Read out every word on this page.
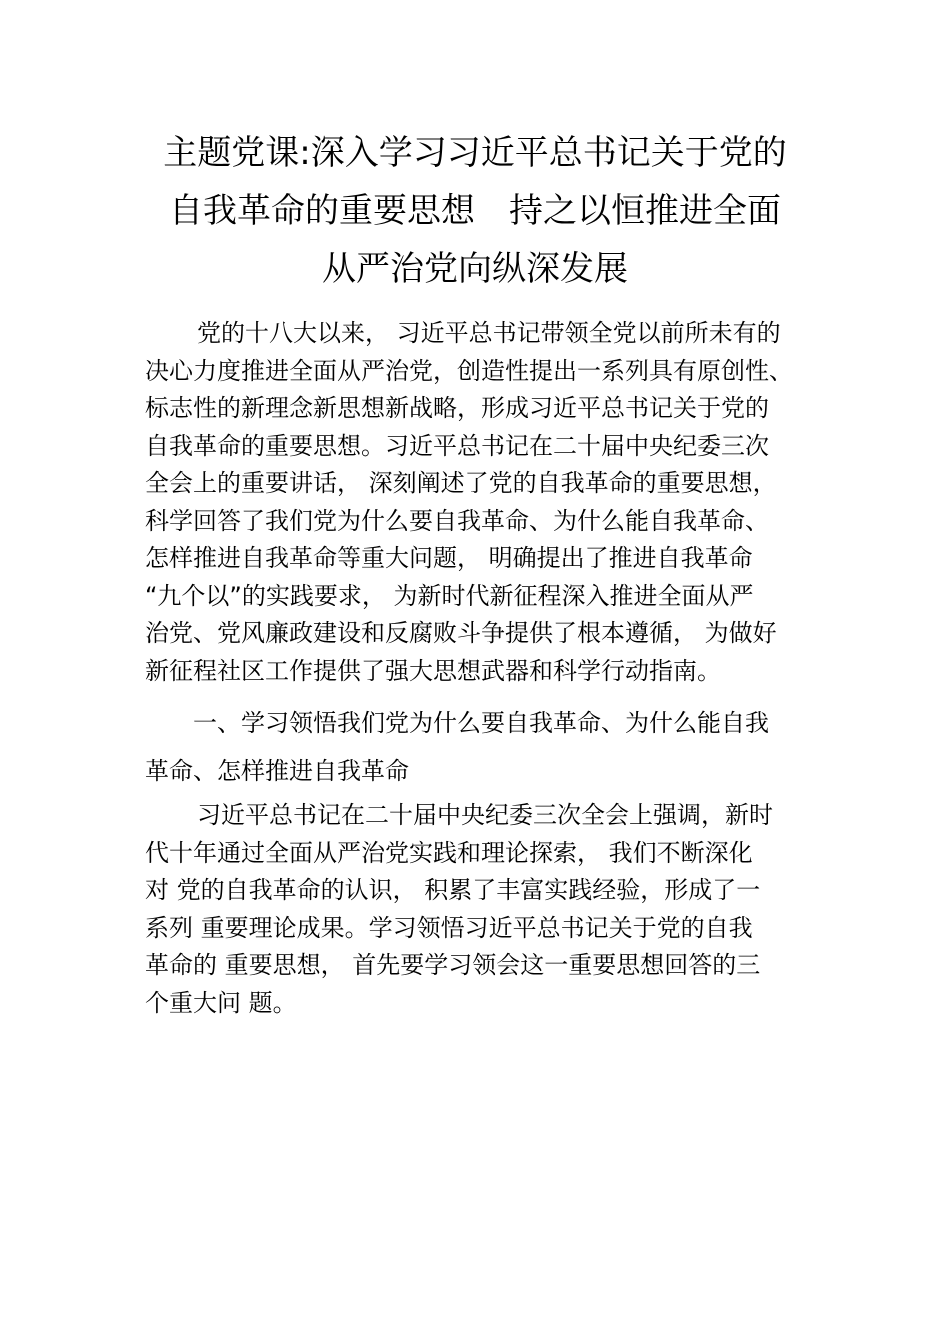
主题党课:深入学习习近平总书记关于党的
自我革命的重要思想　持之以恒推进全面
从严治党向纵深发展
党的十八大以来， 习近平总书记带领全党以前所未有的
决心力度推进全面从严治党，创造性提出一系列具有原创性、
标志性的新理念新思想新战略，形成习近平总书记关于党的
自我革命的重要思想。习近平总书记在二十届中央纪委三次
全会上的重要讲话， 深刻阐述了党的自我革命的重要思想，
科学回答了我们党为什么要自我革命、为什么能自我革命、
怎样推进自我革命等重大问题， 明确提出了推进自我革命
“九个以”的实践要求， 为新时代新征程深入推进全面从严
治党、党风廉政建设和反腐败斗争提供了根本遵循， 为做好
新征程社区工作提供了强大思想武器和科学行动指南。
一、学习领悟我们党为什么要自我革命、为什么能自我
革命、怎样推进自我革命
习近平总书记在二十届中央纪委三次全会上强调，新时
代十年通过全面从严治党实践和理论探索， 我们不断深化
对 党的自我革命的认识， 积累了丰富实践经验，形成了一
系列 重要理论成果。学习领悟习近平总书记关于党的自我
革命的 重要思想， 首先要学习领会这一重要思想回答的三
个重大问 题。
